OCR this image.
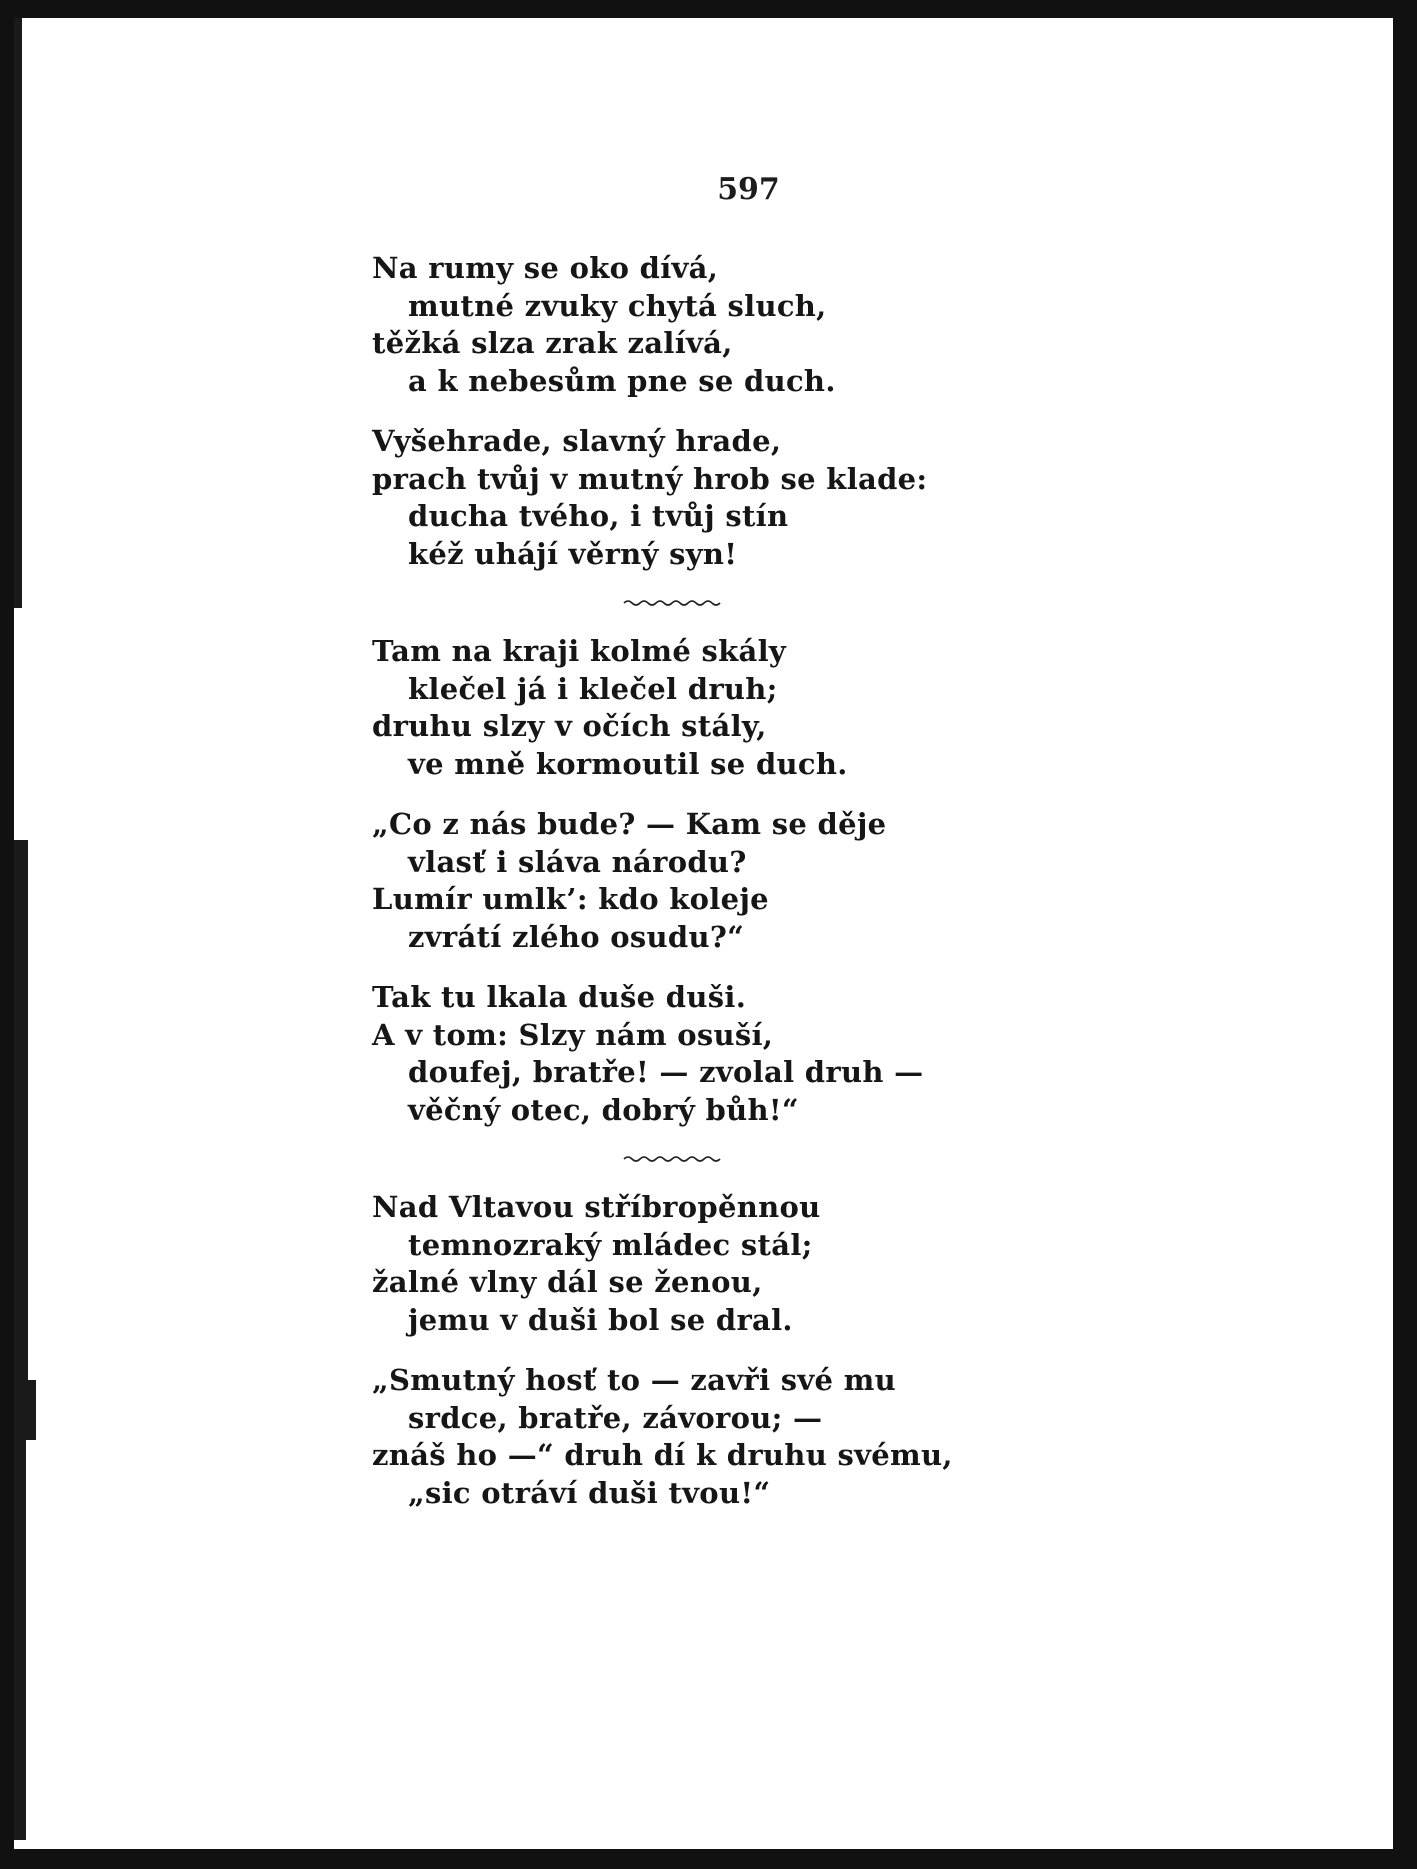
597
Na rumy se oko dívá,
mutné zvuky chytá sluch,
těžká slza zrak zalívá,
a k nebesům pne se duch.
Vyšehrade, slavný hrade,
prach tvůj v mutný hrob se klade:
ducha tvého, i tvůj stín
kéž uhájí věrný syn!
Tam na kraji kolmé skály
klečel já i klečel druh;
druhu slzy v očích stály,
ve mně kormoutil se duch.
„Co z nás bude? — Kam se děje
vlasť i sláva národu?
Lumír umlk’: kdo koleje
zvrátí zlého osudu?“
Tak tu lkala duše duši.
A v tom: Slzy nám osuší,
doufej, bratře! — zvolal druh —
věčný otec, dobrý bůh!“
Nad Vltavou stříbropěnnou
temnozraký mládec stál;
žalné vlny dál se ženou,
jemu v duši bol se dral.
„Smutný hosť to — zavři své mu
srdce, bratře, závorou; —
znáš ho —“ druh dí k druhu svému,
„sic otráví duši tvou!“
